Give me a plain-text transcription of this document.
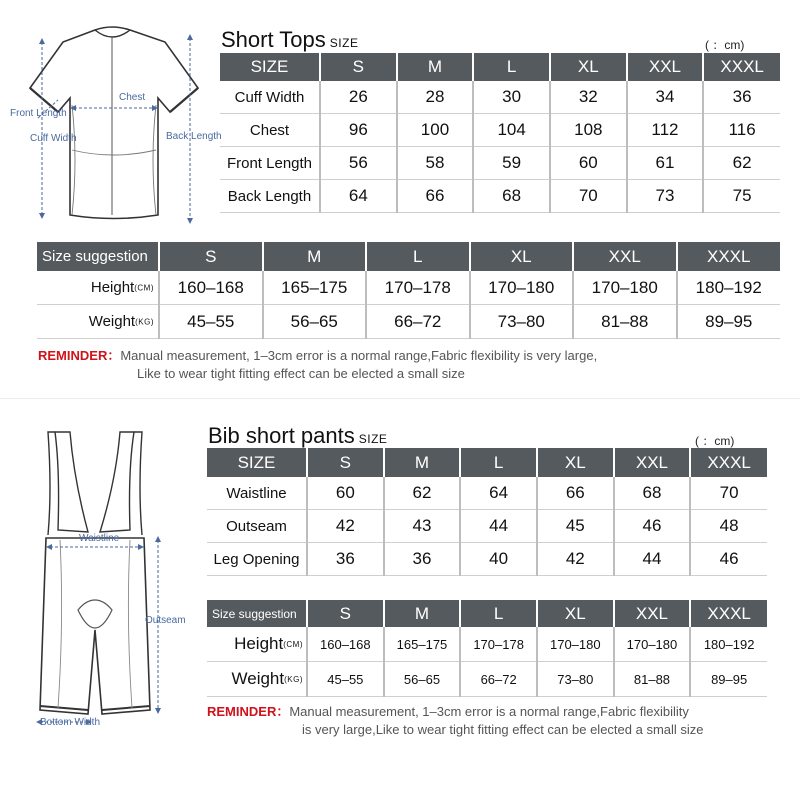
Chest
Front Length
Cuff Width	Back Length
Short Tops SIZE	( ：cm)
SIZE	S	M	L	XL	XXL	XXXL
Cuff Width	26	28	30	32	34	36
Chest	96	100	104	108	112	116
Front Length	56	58	59	60	61	62
Back Length	64	66	68	70	73	75
Size suggestion	S	M	L	XL	XXL	XXXL
Height(CM)	160–168	165–175	170–178	170–180	170–180	180–192
Weight(KG)	45–55	56–65	66–72	73–80	81–88	89–95
REMINDER：Manual measurement, 1–3cm error is a normal range,Fabric flexibility is very large,
Like to wear tight fitting effect can be elected a small size
Waistline
Outseam
Bottom Width
Bib short pants SIZE	( ：cm)
SIZE	S	M	L	XL	XXL	XXXL
Waistline	60	62	64	66	68	70
Outseam	42	43	44	45	46	48
Leg Opening	36	36	40	42	44	46
Size suggestion	S	M	L	XL	XXL	XXXL
Height(CM)	160–168	165–175	170–178	170–180	170–180	180–192
Weight(KG)	45–55	56–65	66–72	73–80	81–88	89–95
REMINDER：Manual measurement, 1–3cm error is a normal range,Fabric flexibility
is very large,Like to wear tight fitting effect can be elected a small size
